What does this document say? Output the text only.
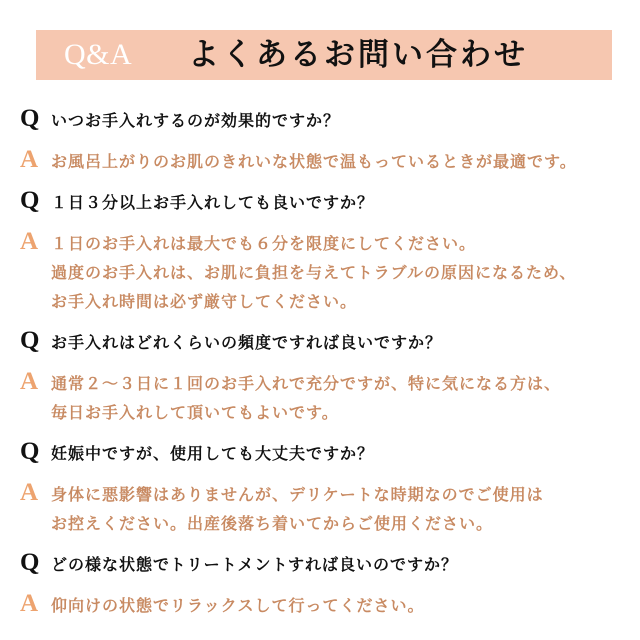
Q&A よくあるお問い合わせ
Q いつお手入れするのが効果的ですか？
A お風呂上がりのお肌のきれいな状態で温もっているときが最適です。
Q １日３分以上お手入れしても良いですか？
A １日のお手入れは最大でも６分を限度にしてください。
過度のお手入れは、お肌に負担を与えてトラブルの原因になるため、
お手入れ時間は必ず厳守してください。
Q お手入れはどれくらいの頻度ですれば良いですか？
A 通常２～３日に１回のお手入れで充分ですが、特に気になる方は、
毎日お手入れして頂いてもよいです。
Q 妊娠中ですが、使用しても大丈夫ですか？
A 身体に悪影響はありませんが、デリケートな時期なのでご使用は
お控えください。出産後落ち着いてからご使用ください。
Q どの様な状態でトリートメントすれば良いのですか？
A 仰向けの状態でリラックスして行ってください。
